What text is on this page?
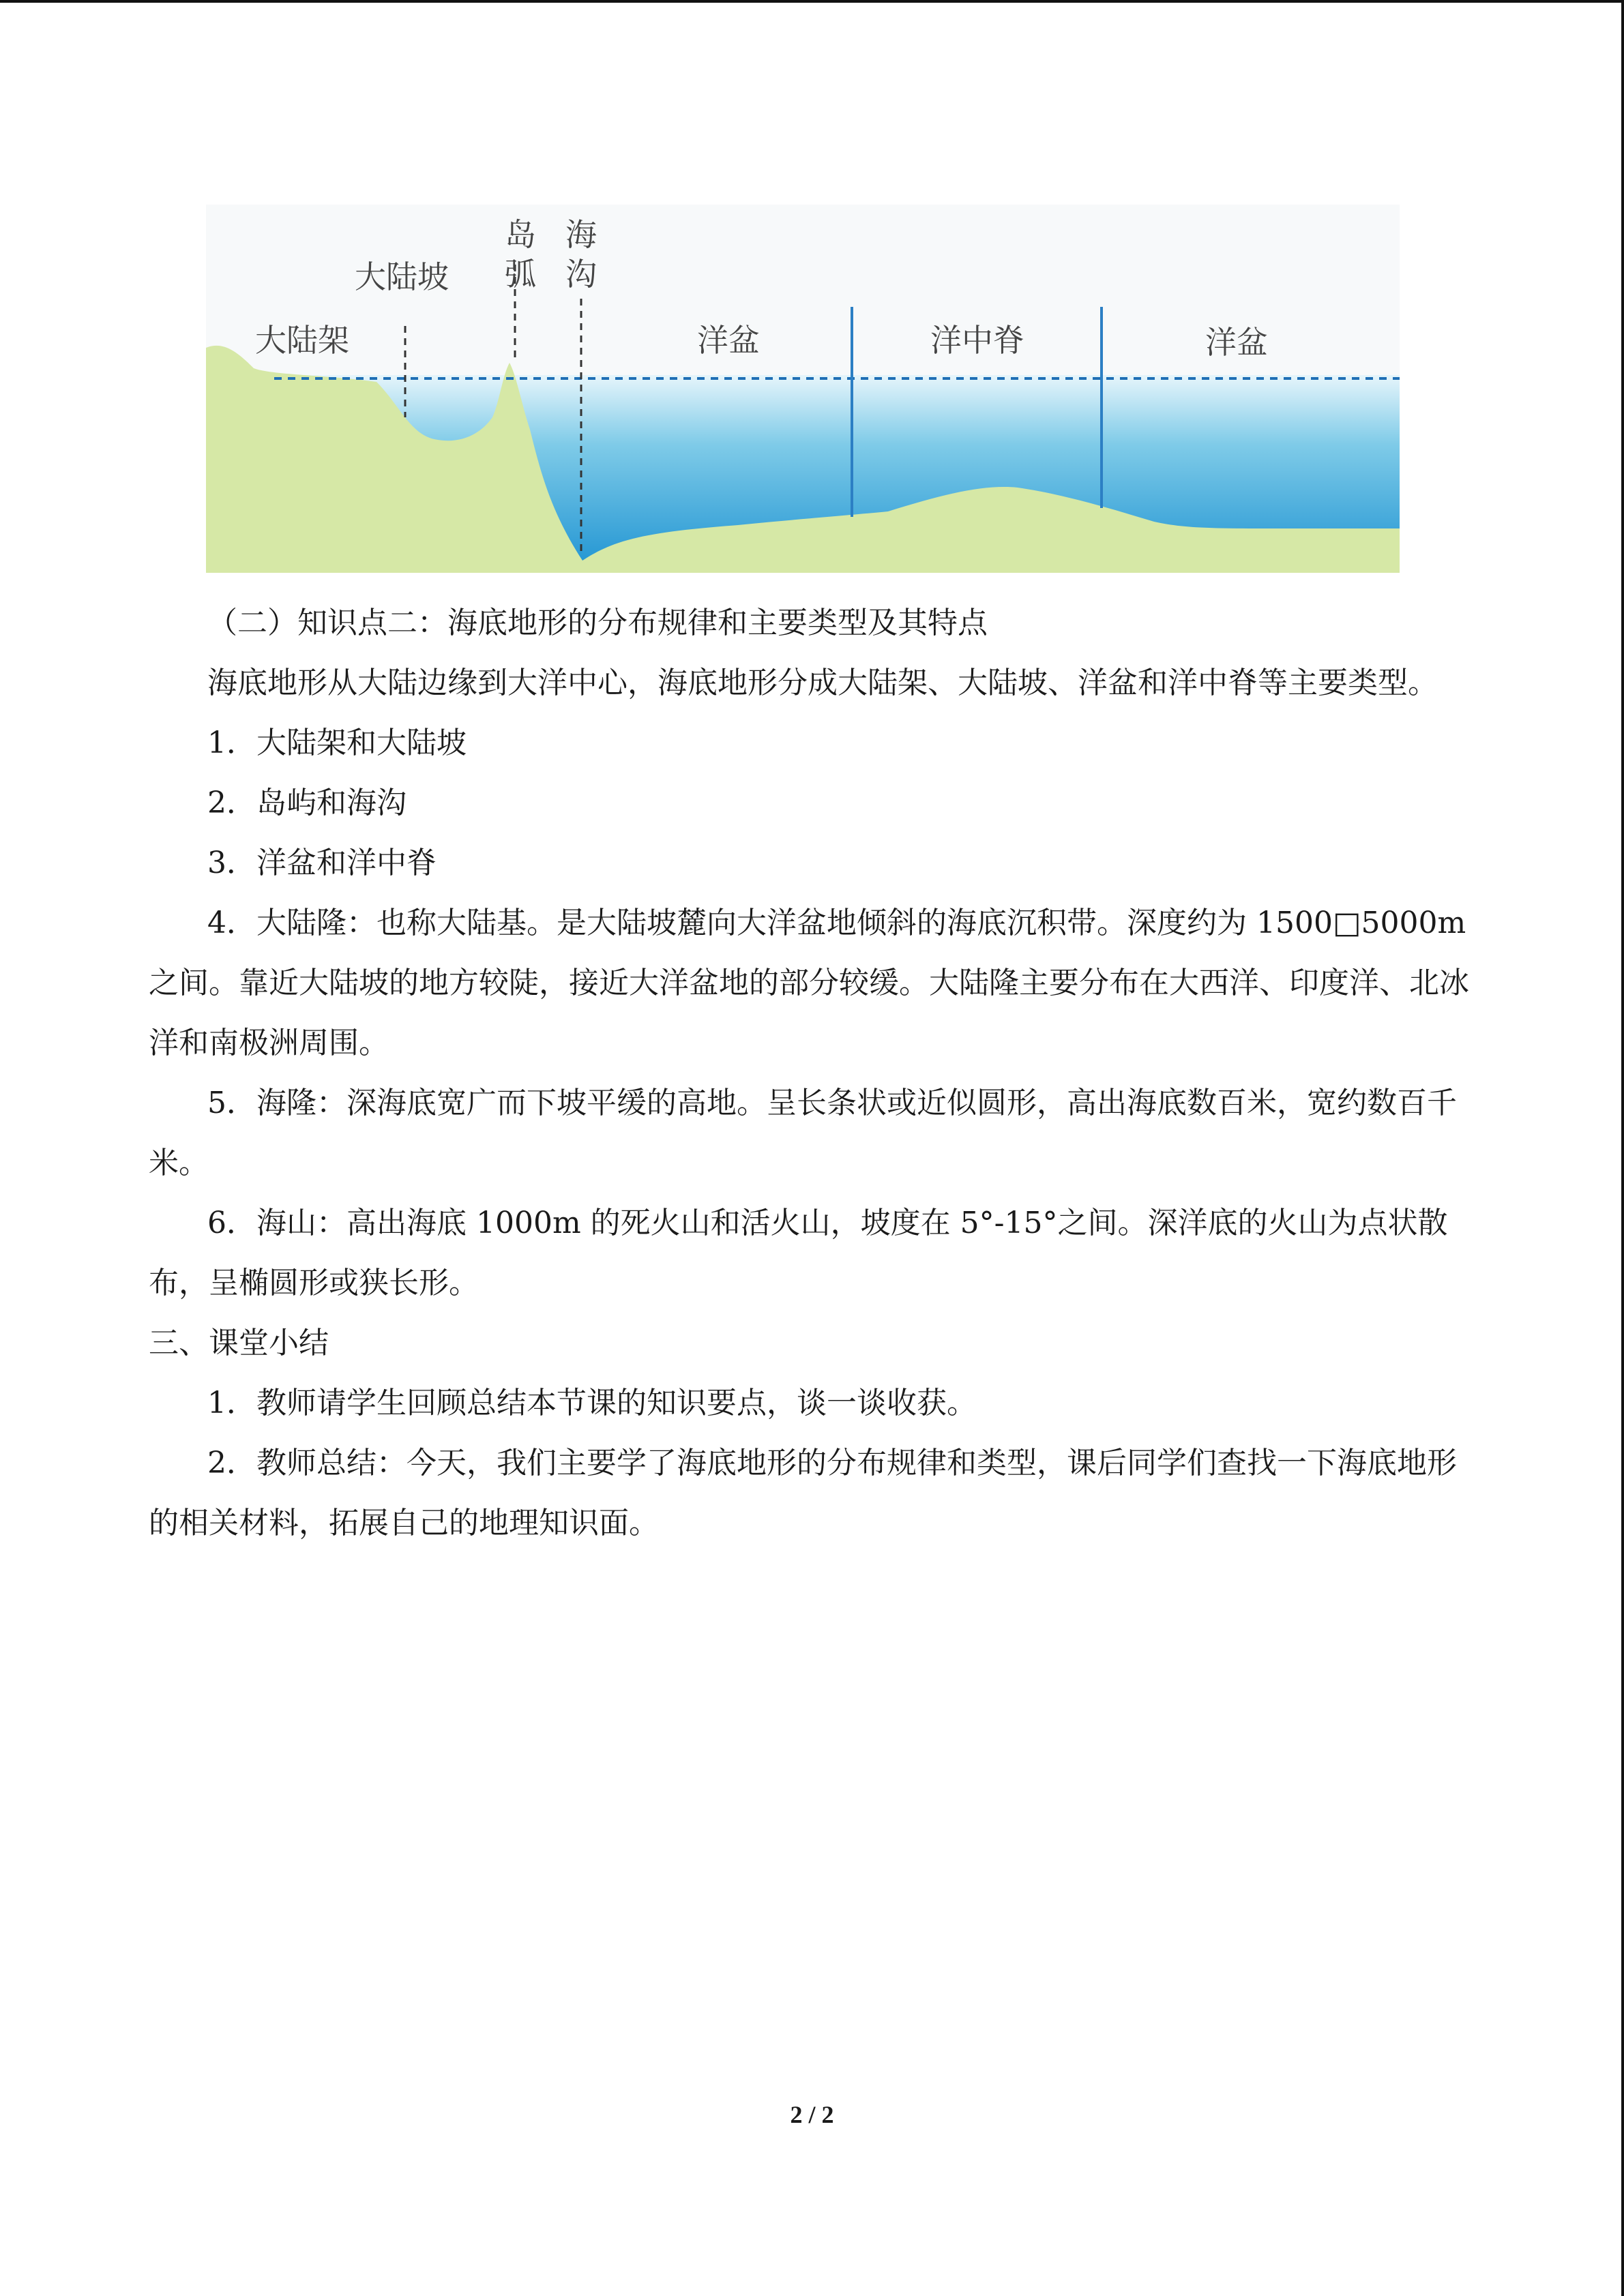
大陆架
大陆坡
岛
弧
海
沟
洋盆	洋中脊	洋盆

（二）知识点二：海底地形的分布规律和主要类型及其特点

海底地形从大陆边缘到大洋中心，海底地形分成大陆架、大陆坡、洋盆和洋中脊等主要类型。

1．大陆架和大陆坡

2．岛屿和海沟

3．洋盆和洋中脊

4．大陆隆：也称大陆基。是大陆坡麓向大洋盆地倾斜的海底沉积带。深度约为 1500□5000m 之间。靠近大陆坡的地方较陡，接近大洋盆地的部分较缓。大陆隆主要分布在大西洋、印度洋、北冰洋和南极洲周围。

5．海隆：深海底宽广而下坡平缓的高地。呈长条状或近似圆形，高出海底数百米，宽约数百千米。

6．海山：高出海底 1000m 的死火山和活火山，坡度在 5°-15°之间。深洋底的火山为点状散布，呈椭圆形或狭长形。

三、课堂小结

1．教师请学生回顾总结本节课的知识要点，谈一谈收获。

2．教师总结：今天，我们主要学了海底地形的分布规律和类型，课后同学们查找一下海底地形的相关材料，拓展自己的地理知识面。

2 / 2
